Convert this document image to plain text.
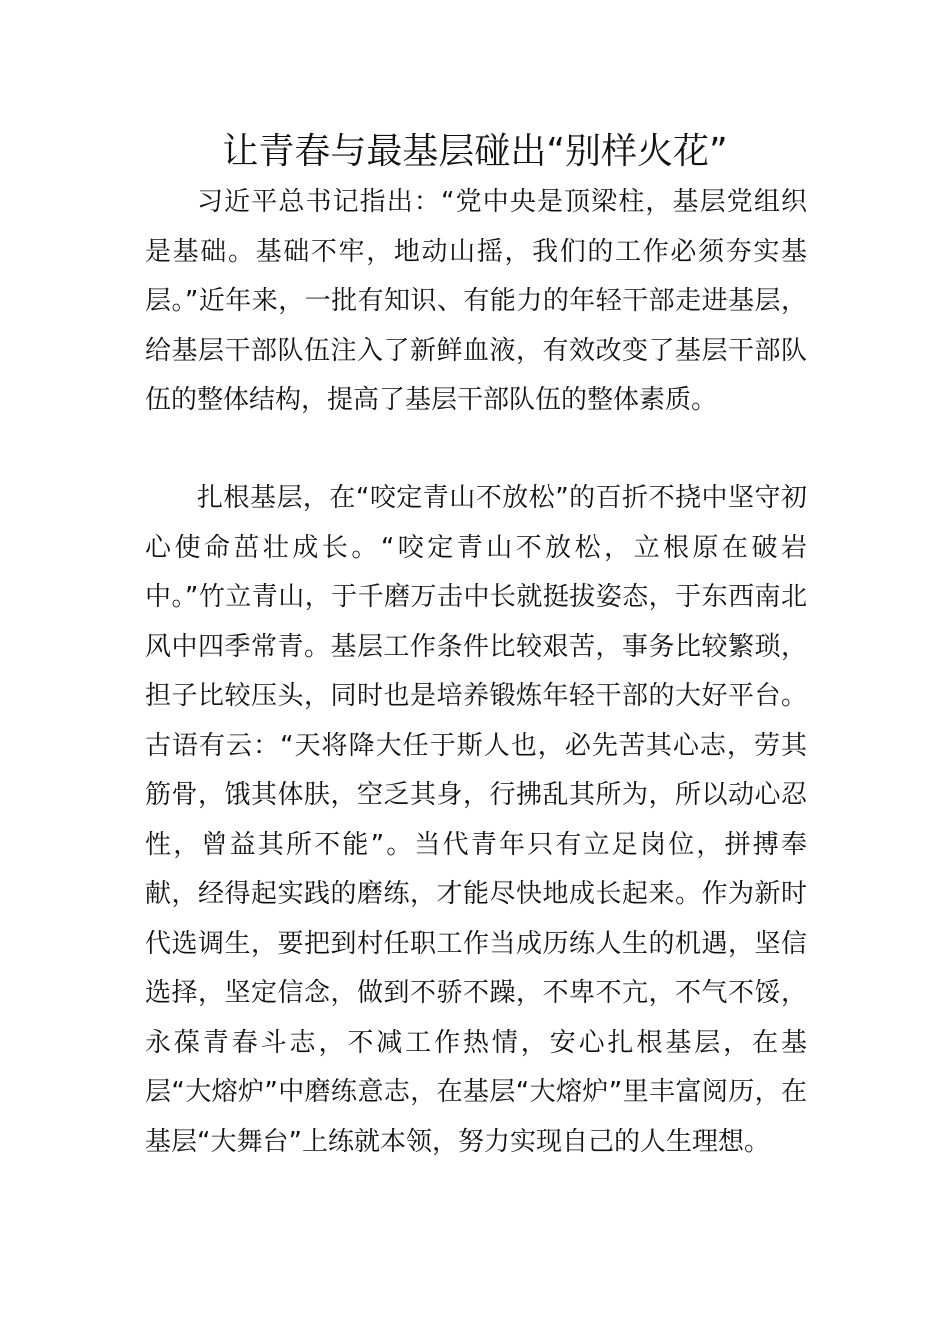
让青春与最基层碰出“别样火花”

习近平总书记指出：“党中央是顶梁柱，基层党组织是基础。基础不牢，地动山摇，我们的工作必须夯实基层。”近年来，一批有知识、有能力的年轻干部走进基层，给基层干部队伍注入了新鲜血液，有效改变了基层干部队伍的整体结构，提高了基层干部队伍的整体素质。

扎根基层，在“咬定青山不放松”的百折不挠中坚守初心使命茁壮成长。“咬定青山不放松，立根原在破岩中。”竹立青山，于千磨万击中长就挺拔姿态，于东西南北风中四季常青。基层工作条件比较艰苦，事务比较繁琐，担子比较压头，同时也是培养锻炼年轻干部的大好平台。古语有云：“天将降大任于斯人也，必先苦其心志，劳其筋骨，饿其体肤，空乏其身，行拂乱其所为，所以动心忍性，曾益其所不能”。当代青年只有立足岗位，拼搏奉献，经得起实践的磨练，才能尽快地成长起来。作为新时代选调生，要把到村任职工作当成历练人生的机遇，坚信选择，坚定信念，做到不骄不躁，不卑不亢，不气不馁，永葆青春斗志，不减工作热情，安心扎根基层，在基层“大熔炉”中磨练意志，在基层“大熔炉”里丰富阅历，在基层“大舞台”上练就本领，努力实现自己的人生理想。
